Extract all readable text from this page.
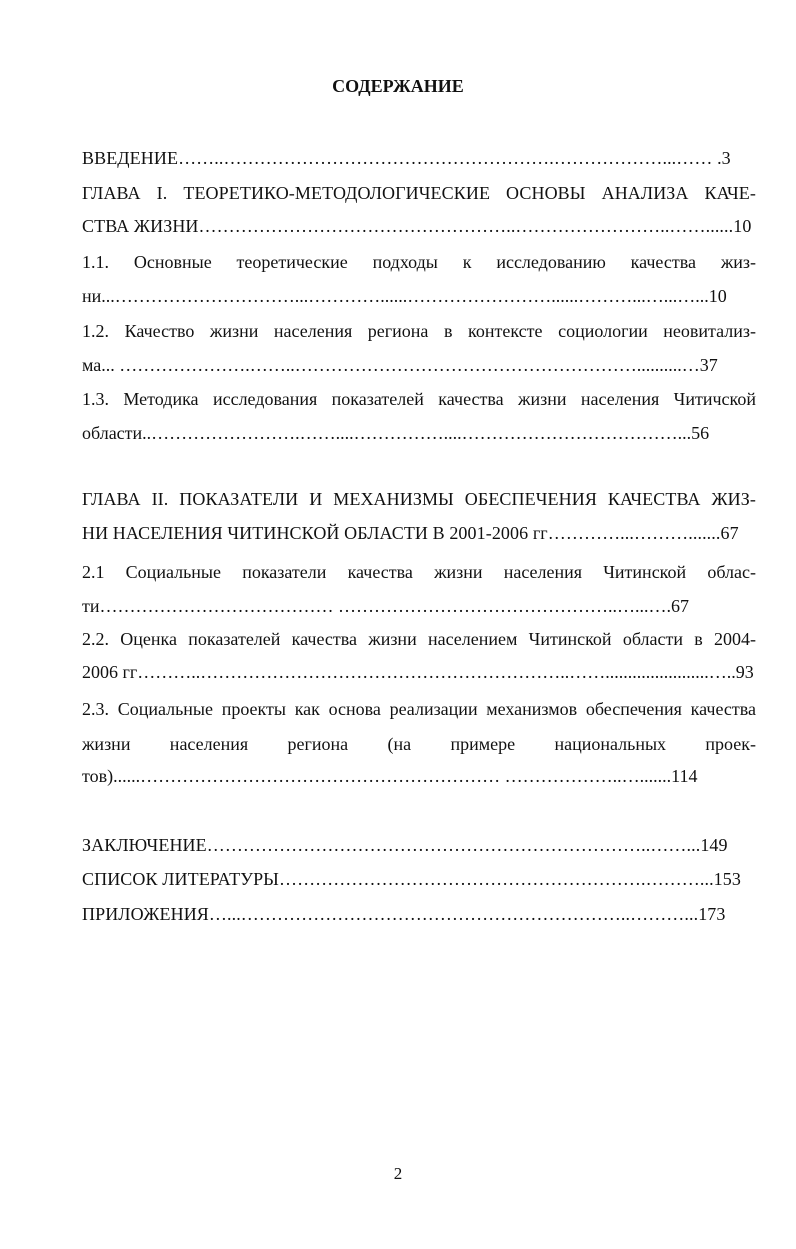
СОДЕРЖАНИЕ
ВВЕДЕНИЕ……..……………………………………………….………………...…… .3
ГЛАВА I. ТЕОРЕТИКО-МЕТОДОЛОГИЧЕСКИЕ ОСНОВЫ АНАЛИЗА КАЧЕ-
СТВА ЖИЗНИ……………………………………………..……………………..……......10
1.1. Основные теоретические подходы к исследованию качества жиз-
ни...…………………………...…………......……………………......………...…...…...10
1.2. Качество жизни населения региона в контексте социологии неовитализ-
ма... ………………….……..…………………………………………………..........…37
1.3. Методика исследования показателей качества жизни населения Читичской
области..…………………….……....……………....………………………………...56
ГЛАВА II. ПОКАЗАТЕЛИ И МЕХАНИЗМЫ ОБЕСПЕЧЕНИЯ КАЧЕСТВА ЖИЗ-
НИ НАСЕЛЕНИЯ ЧИТИНСКОЙ ОБЛАСТИ В 2001-2006 гг…………...……….......67
2.1 Социальные показатели качества жизни населения Читинской облас-
ти………………………………… ………………………………………..…...….67
2.2. Оценка показателей качества жизни населением Читинской области в 2004-
2006 гг………..……………………………………………………..…….......................…..93
2.3. Социальные проекты как основа реализации механизмов обеспечения качества
жизни населения региона (на примере национальных проек-
тов)......…………………………………………………… ………………..….......114
ЗАКЛЮЧЕНИЕ………………………………………………………………..……...149
СПИСОК ЛИТЕРАТУРЫ…………………………………………………….………...153
ПРИЛОЖЕНИЯ…...………………………………………………………..………...173
2
